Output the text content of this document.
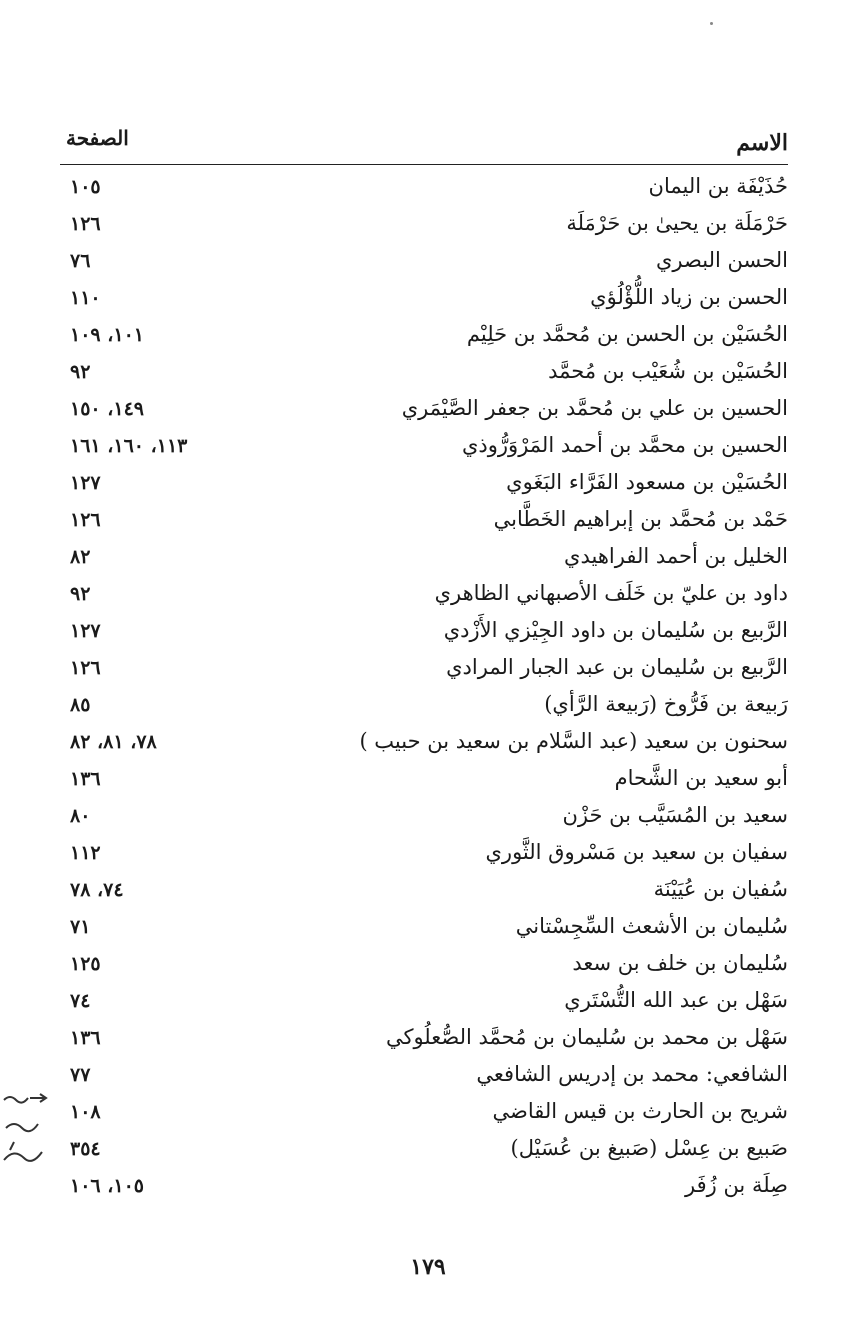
الاسم
الصفحة
حُذَيْفَة بن اليمان
١٠٥
حَرْمَلَة بن يحيىٰ بن حَرْمَلَة
١٢٦
الحسن البصري
٧٦
الحسن بن زياد اللُّؤْلُؤي
١١٠
الحُسَيْن بن الحسن بن مُحمَّد بن حَلِيْم
١٠١، ١٠٩
الحُسَيْن بن شُعَيْب بن مُحمَّد
٩٢
الحسين بن علي بن مُحمَّد بن جعفر الصَّيْمَري
١٤٩، ١٥٠
الحسين بن محمَّد بن أحمد المَرْوَرُّوذي
١١٣، ١٦٠، ١٦١
الحُسَيْن بن مسعود الفَرَّاء البَغَوي
١٢٧
حَمْد بن مُحمَّد بن إبراهيم الخَطَّابي
١٢٦
الخليل بن أحمد الفراهيدي
٨٢
داود بن عليّ بن خَلَف الأصبهاني الظاهري
٩٢
الرَّبيع بن سُليمان بن داود الجِيْزي الأَزْدي
١٢٧
الرَّبيع بن سُليمان بن عبد الجبار المرادي
١٢٦
رَبيعة بن فَرُّوخ (رَبيعة الرَّأي)
٨٥
سحنون بن سعيد (عبد السَّلام بن سعيد بن حبيب )
٧٨، ٨١، ٨٢
أبو سعيد بن الشَّحام
١٣٦
سعيد بن المُسَيَّب بن حَزْن
٨٠
سفيان بن سعيد بن مَسْروق الثَّوري
١١٢
سُفيان بن عُيَيْنَة
٧٤، ٧٨
سُليمان بن الأشعث السِّجِسْتاني
٧١
سُليمان بن خلف بن سعد
١٢٥
سَهْل بن عبد الله التُّسْتَري
٧٤
سَهْل بن محمد بن سُليمان بن مُحمَّد الصُّعلُوكي
١٣٦
الشافعي: محمد بن إدريس الشافعي
٧٧
شريح بن الحارث بن قيس القاضي
١٠٨
صَبيع بن عِسْل (صَبيغ بن عُسَيْل)
٣٥٤
صِلَة بن زُفَر
١٠٥، ١٠٦
١٧٩
